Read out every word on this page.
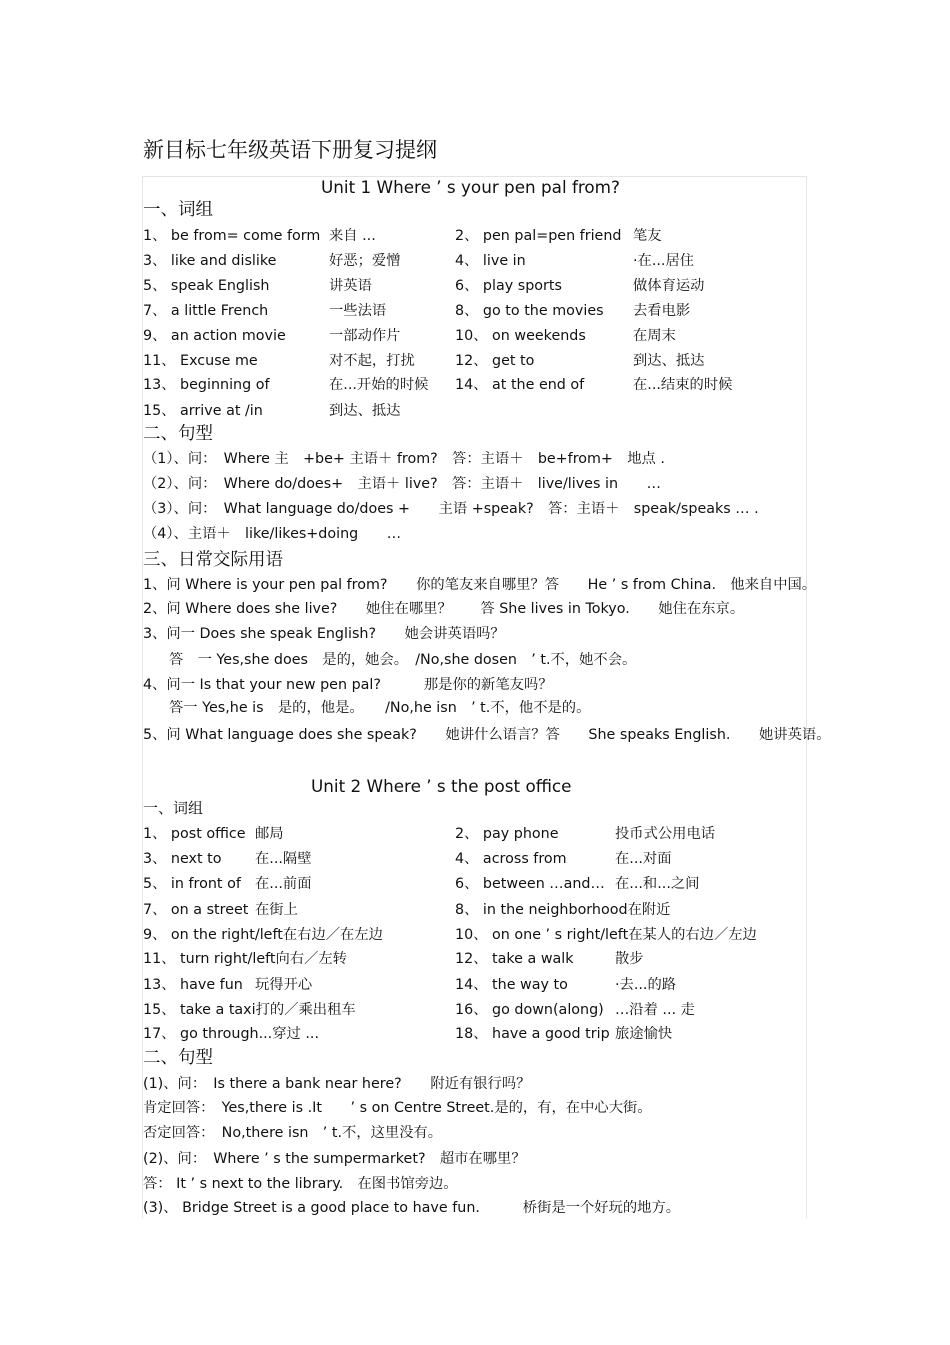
新目标七年级英语下册复习提纲
Unit 1 Where ’ s your pen pal from?
一、词组
二、句型
（1）、问：　Where 主　+be+ 主语＋ from?　答：主语＋　be+from+　地点 .
（2）、问：　Where do/does+　主语＋ live?　答：主语＋　live/lives in　　…
（3）、问：　What language do/does +　　主语 +speak?　答：主语＋　speak/speaks … .
（4）、主语＋　like/likes+doing　　…
三、日常交际用语
1、问 Where is your pen pal from?　　你的笔友来自哪里？答　　He ’ s from China.　他来自中国。
2、问 Where does she live?　　她住在哪里？　　答 She lives in Tokyo.　　她住在东京。
3、问一 Does she speak English?　　她会讲英语吗？
答　一 Yes,she does　是的，她会。　/No,she dosen　’ t.不，她不会。
4、问一 Is that your new pen pal?　　　那是你的新笔友吗？
答一 Yes,he is　是的，他是。　　/No,he isn　’ t.不，他不是的。
5、问 What language does she speak?　　她讲什么语言？答　　She speaks English.　　她讲英语。
Unit 2 Where ’ s the post office
一、词组
二、句型
(1)、问：　Is there a bank near here?　　附近有银行吗？
肯定回答：　Yes,there is .It　　’ s on Centre Street.是的，有，在中心大街。
否定回答：　No,there isn　’ t.不，这里没有。
(2)、问：　Where ’ s the sumpermarket?　超市在哪里？
答： It ’ s next to the library.　在图书馆旁边。
(3)、 Bridge Street is a good place to have fun.　　　桥街是一个好玩的地方。
1、 be from= come form 来自 ...	2、 pen pal=pen friend 笔友
3、 like and dislike	好恶；爱憎	4、 live in	·在...居住
5、 speak English	讲英语	6、 play sports	做体育运动
7、 a little French	一些法语	8、 go to the movies 去看电影
9、 an action movie	一部动作片	10、 on weekends	在周末
11、 Excuse me	对不起，打扰	12、 get to	到达、抵达
13、 beginning of	在...开始的时候 14、 at the end of	在...结束的时候
15、 arrive at /in	到达、抵达
1、 post office 邮局	2、 pay phone	投币式公用电话
3、 next to 在...隔壁	4、 across from	在...对面
5、 in front of 在...前面	6、 between …and… 在...和...之间
7、 on a street 在街上	8、 in the neighborhood在附近
9、 on the right/left在右边／在左边	10、 on one ’ s right/left在某人的右边／左边
11、 turn right/left向右／左转	12、 take a walk	散步
13、 have fun 玩得开心	14、 the way to	·去...的路
15、 take a taxi打的／乘出租车	16、 go down(along) …沿着 ... 走
17、 go through...穿过 ...	18、 have a good trip 旅途愉快
